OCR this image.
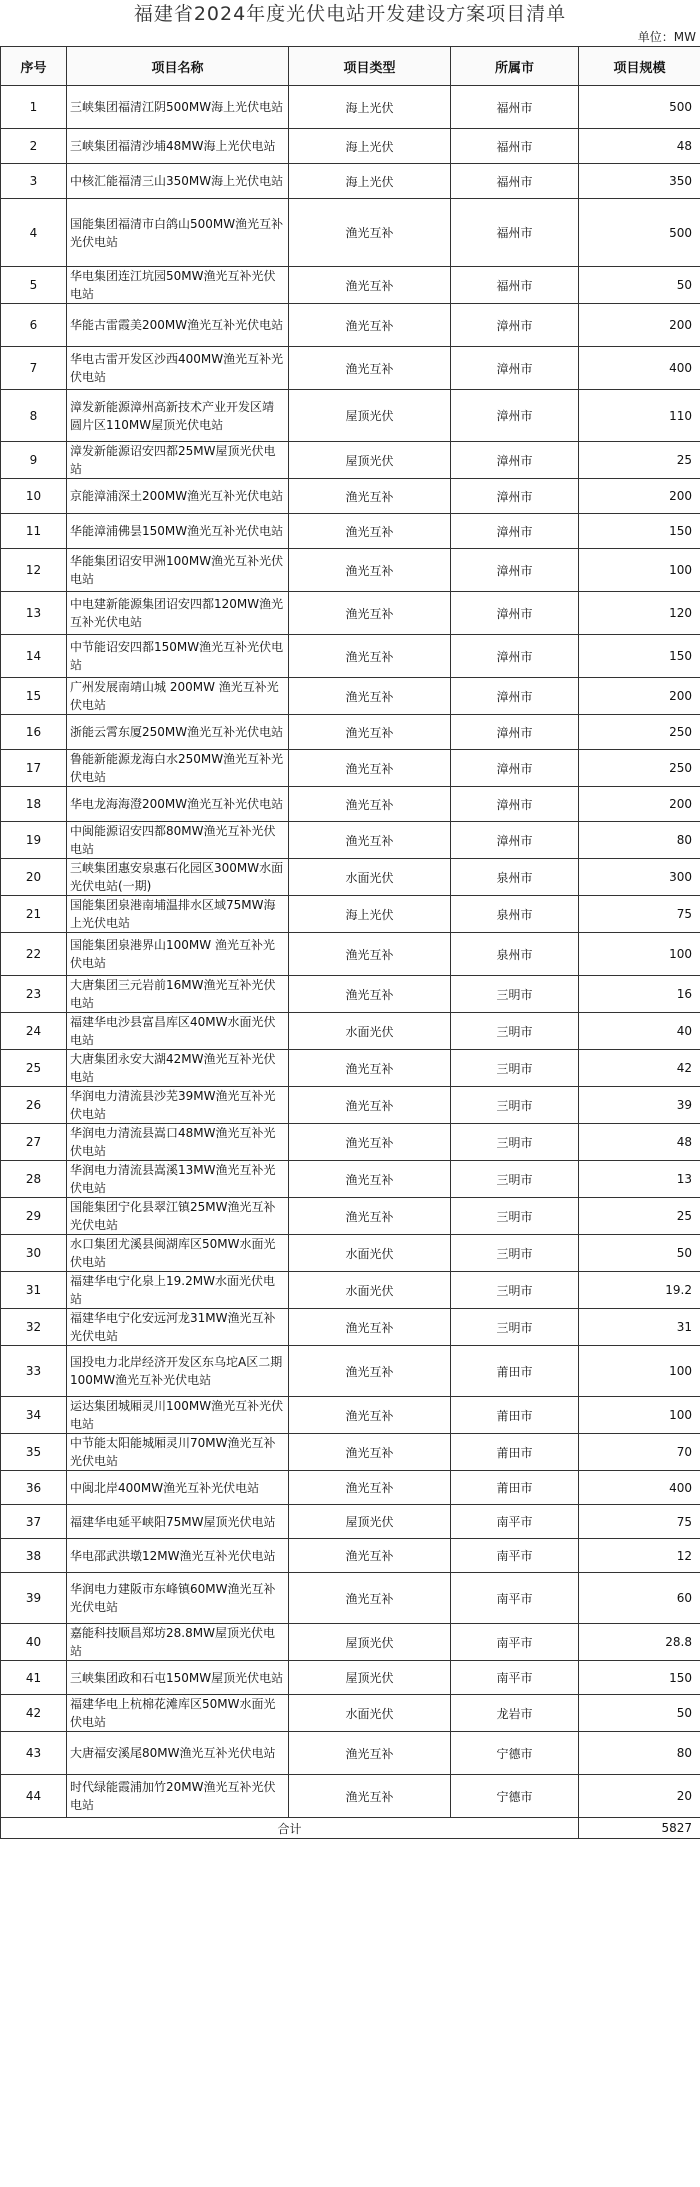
福建省2024年度光伏电站开发建设方案项目清单
单位：MW
序号	项目名称	项目类型	所属市	项目规模
1	三峡集团福清江阴500MW海上光伏电站	海上光伏	福州市	500
2	三峡集团福清沙埔48MW海上光伏电站	海上光伏	福州市	48
3	中核汇能福清三山350MW海上光伏电站	海上光伏	福州市	350
4	国能集团福清市白鸽山500MW渔光互补光伏电站	渔光互补	福州市	500
5	华电集团连江坑园50MW渔光互补光伏电站	渔光互补	福州市	50
6	华能古雷霞美200MW渔光互补光伏电站	渔光互补	漳州市	200
7	华电古雷开发区沙西400MW渔光互补光伏电站	渔光互补	漳州市	400
8	漳发新能源漳州高新技术产业开发区靖圆片区110MW屋顶光伏电站	屋顶光伏	漳州市	110
9	漳发新能源诏安四都25MW屋顶光伏电站	屋顶光伏	漳州市	25
10	京能漳浦深土200MW渔光互补光伏电站	渔光互补	漳州市	200
11	华能漳浦佛昙150MW渔光互补光伏电站	渔光互补	漳州市	150
12	华能集团诏安甲洲100MW渔光互补光伏电站	渔光互补	漳州市	100
13	中电建新能源集团诏安四都120MW渔光互补光伏电站	渔光互补	漳州市	120
14	中节能诏安四都150MW渔光互补光伏电站	渔光互补	漳州市	150
15	广州发展南靖山城 200MW 渔光互补光伏电站	渔光互补	漳州市	200
16	浙能云霄东厦250MW渔光互补光伏电站	渔光互补	漳州市	250
17	鲁能新能源龙海白水250MW渔光互补光伏电站	渔光互补	漳州市	250
18	华电龙海海澄200MW渔光互补光伏电站	渔光互补	漳州市	200
19	中闽能源诏安四都80MW渔光互补光伏电站	渔光互补	漳州市	80
20	三峡集团惠安泉惠石化园区300MW水面光伏电站(一期)	水面光伏	泉州市	300
21	国能集团泉港南埔温排水区域75MW海上光伏电站	海上光伏	泉州市	75
22	国能集团泉港界山100MW 渔光互补光伏电站	渔光互补	泉州市	100
23	大唐集团三元岩前16MW渔光互补光伏电站	渔光互补	三明市	16
24	福建华电沙县富昌库区40MW水面光伏电站	水面光伏	三明市	40
25	大唐集团永安大湖42MW渔光互补光伏电站	渔光互补	三明市	42
26	华润电力清流县沙芜39MW渔光互补光伏电站	渔光互补	三明市	39
27	华润电力清流县嵩口48MW渔光互补光伏电站	渔光互补	三明市	48
28	华润电力清流县嵩溪13MW渔光互补光伏电站	渔光互补	三明市	13
29	国能集团宁化县翠江镇25MW渔光互补光伏电站	渔光互补	三明市	25
30	水口集团尤溪县闽湖库区50MW水面光伏电站	水面光伏	三明市	50
31	福建华电宁化泉上19.2MW水面光伏电站	水面光伏	三明市	19.2
32	福建华电宁化安远河龙31MW渔光互补光伏电站	渔光互补	三明市	31
33	国投电力北岸经济开发区东乌坨A区二期100MW渔光互补光伏电站	渔光互补	莆田市	100
34	运达集团城厢灵川100MW渔光互补光伏电站	渔光互补	莆田市	100
35	中节能太阳能城厢灵川70MW渔光互补光伏电站	渔光互补	莆田市	70
36	中闽北岸400MW渔光互补光伏电站	渔光互补	莆田市	400
37	福建华电延平峡阳75MW屋顶光伏电站	屋顶光伏	南平市	75
38	华电邵武洪墩12MW渔光互补光伏电站	渔光互补	南平市	12
39	华润电力建阪市东峰镇60MW渔光互补光伏电站	渔光互补	南平市	60
40	嘉能科技顺昌郑坊28.8MW屋顶光伏电站	屋顶光伏	南平市	28.8
41	三峡集团政和石屯150MW屋顶光伏电站	屋顶光伏	南平市	150
42	福建华电上杭棉花滩库区50MW水面光伏电站	水面光伏	龙岩市	50
43	大唐福安溪尾80MW渔光互补光伏电站	渔光互补	宁德市	80
44	时代绿能霞浦加竹20MW渔光互补光伏电站	渔光互补	宁德市	20
合计				5827
